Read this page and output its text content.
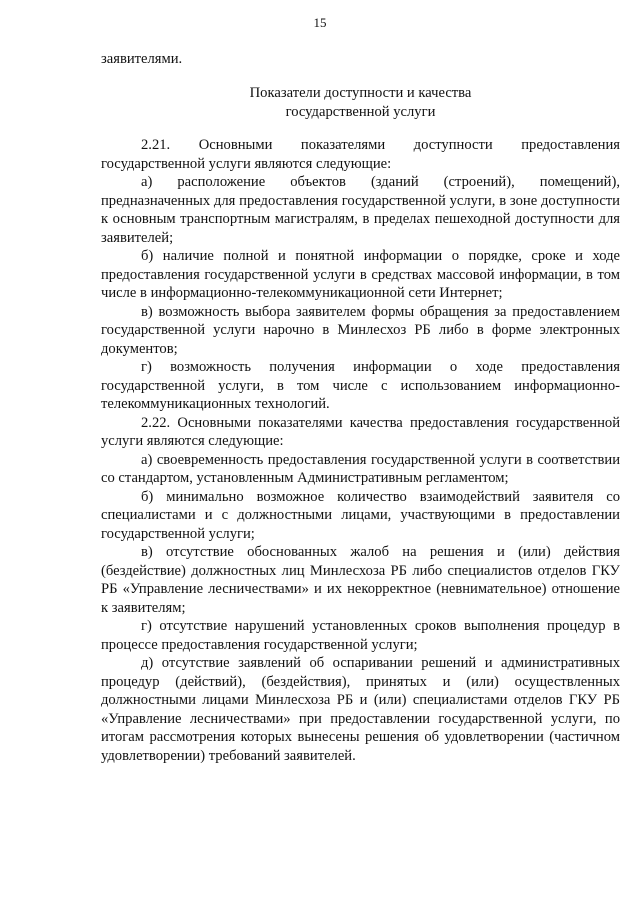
15
заявителями.
Показатели доступности и качества
государственной услуги

2.21. Основными показателями доступности предоставления государственной услуги являются следующие:

а) расположение объектов (зданий (строений), помещений), предназначенных для предоставления государственной услуги, в зоне доступности к основным транспортным магистралям, в пределах пешеходной доступности для заявителей;

б) наличие полной и понятной информации о порядке, сроке и ходе предоставления государственной услуги в средствах массовой информации, в том числе в информационно-телекоммуникационной сети Интернет;

в) возможность выбора заявителем формы обращения за предоставлением государственной услуги нарочно в Минлесхоз РБ либо в форме электронных документов;

г) возможность получения информации о ходе предоставления государственной услуги, в том числе с использованием информационно-телекоммуникационных технологий.

2.22. Основными показателями качества предоставления государственной услуги являются следующие:

а) своевременность предоставления государственной услуги в соответствии со стандартом, установленным Административным регламентом;

б) минимально возможное количество взаимодействий заявителя со специалистами и с должностными лицами, участвующими в предоставлении государственной услуги;

в) отсутствие обоснованных жалоб на решения и (или) действия (бездействие) должностных лиц Минлесхоза РБ либо специалистов отделов ГКУ РБ «Управление лесничествами» и их некорректное (невнимательное) отношение к заявителям;

г) отсутствие нарушений установленных сроков выполнения процедур в процессе предоставления государственной услуги;

д) отсутствие заявлений об оспаривании решений и административных процедур (действий), (бездействия), принятых и (или) осуществленных должностными лицами Минлесхоза РБ и (или) специалистами отделов ГКУ РБ «Управление лесничествами» при предоставлении государственной услуги, по итогам рассмотрения которых вынесены решения об удовлетворении (частичном удовлетворении) требований заявителей.
